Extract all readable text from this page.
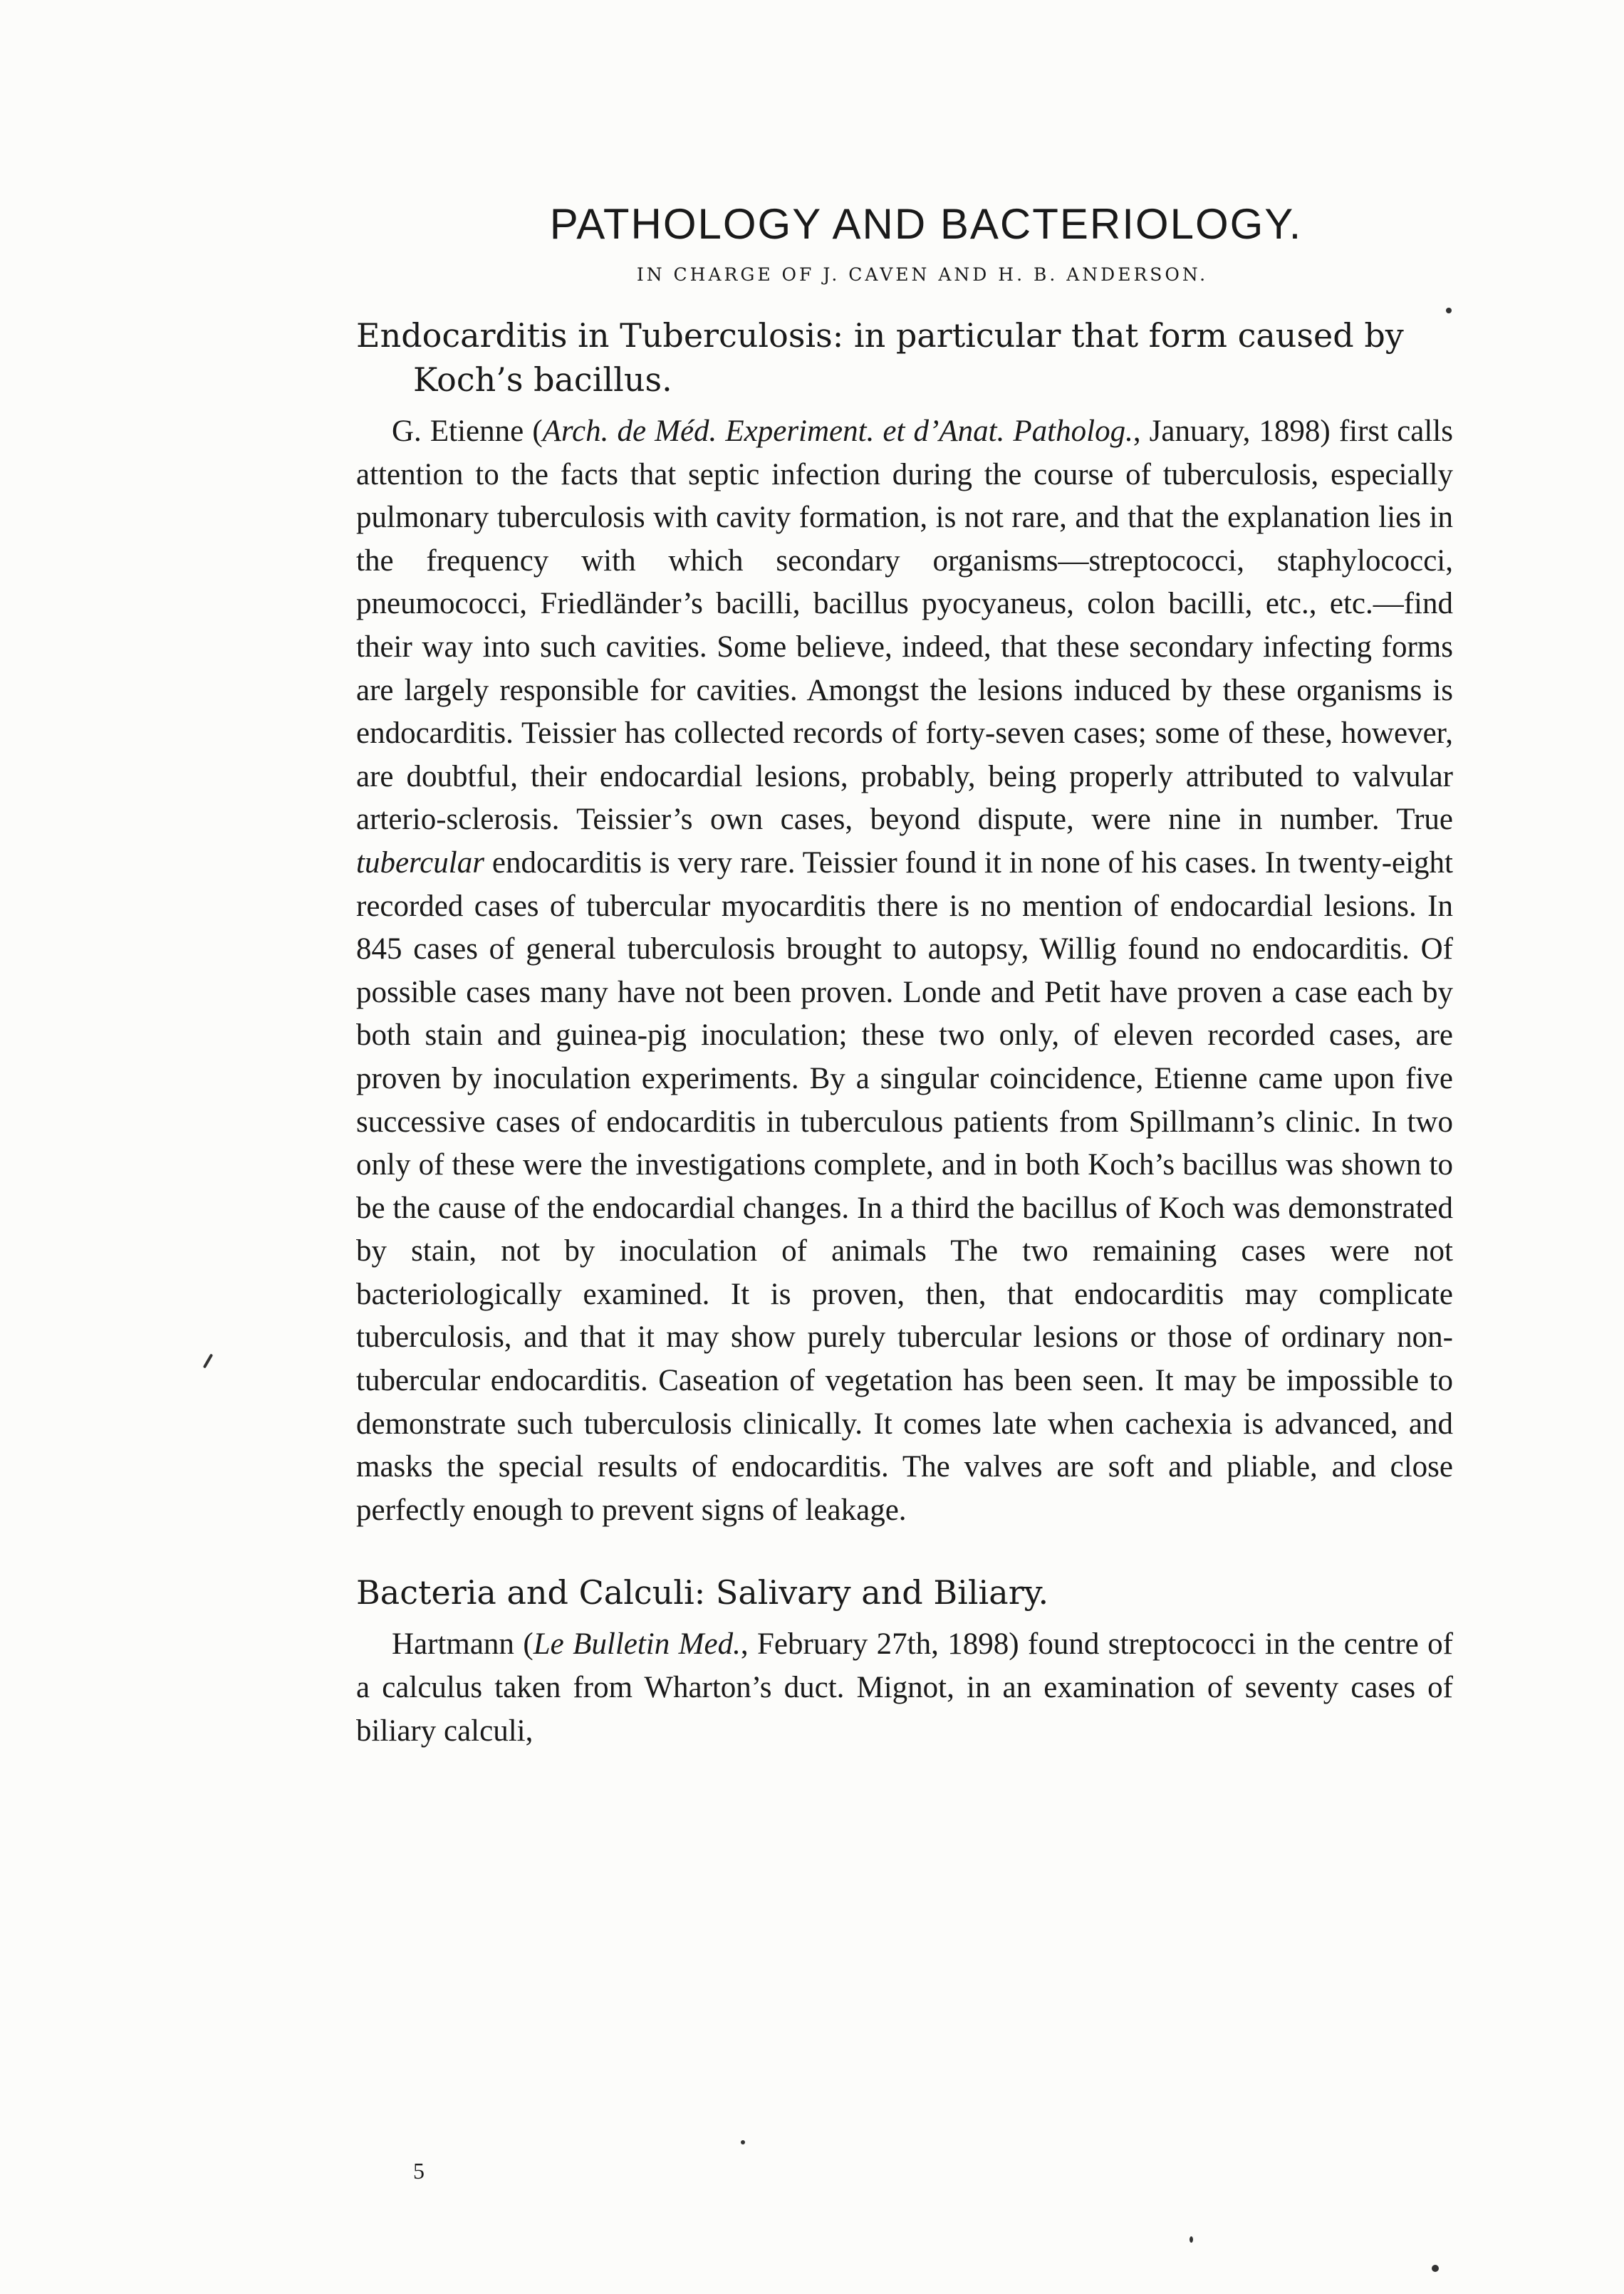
PATHOLOGY AND BACTERIOLOGY.
IN CHARGE OF J. CAVEN AND H. B. ANDERSON.
Endocarditis in Tuberculosis: in particular that form caused by Koch’s bacillus.

G. Etienne (Arch. de Méd. Experiment. et d’Anat. Patholog., January, 1898) first calls attention to the facts that septic infection during the course of tuberculosis, especially pulmonary tuberculosis with cavity formation, is not rare, and that the explanation lies in the frequency with which secondary organisms—streptococci, staphylococci, pneumococci, Friedländer’s bacilli, bacillus pyocyaneus, colon bacilli, etc., etc.—find their way into such cavities. Some believe, indeed, that these secondary infecting forms are largely responsible for cavities. Amongst the lesions induced by these organisms is endocarditis. Teissier has collected records of forty-seven cases; some of these, however, are doubtful, their endocardial lesions, probably, being properly attributed to valvular arterio-sclerosis. Teissier’s own cases, beyond dispute, were nine in number. True tubercular endocarditis is very rare. Teissier found it in none of his cases. In twenty-eight recorded cases of tubercular myocarditis there is no mention of endocardial lesions. In 845 cases of general tuberculosis brought to autopsy, Willig found no endocarditis. Of possible cases many have not been proven. Londe and Petit have proven a case each by both stain and guinea-pig inoculation; these two only, of eleven recorded cases, are proven by inoculation experiments. By a singular coincidence, Etienne came upon five successive cases of endocarditis in tuberculous patients from Spillmann’s clinic. In two only of these were the investigations complete, and in both Koch’s bacillus was shown to be the cause of the endocardial changes. In a third the bacillus of Koch was demonstrated by stain, not by inoculation of animals The two remaining cases were not bacteriologically examined. It is proven, then, that endocarditis may complicate tuberculosis, and that it may show purely tubercular lesions or those of ordinary non-tubercular endocarditis. Caseation of vegetation has been seen. It may be impossible to demonstrate such tuberculosis clinically. It comes late when cachexia is advanced, and masks the special results of endocarditis. The valves are soft and pliable, and close perfectly enough to prevent signs of leakage.

Bacteria and Calculi: Salivary and Biliary.

Hartmann (Le Bulletin Med., February 27th, 1898) found streptococci in the centre of a calculus taken from Wharton’s duct. Mignot, in an examination of seventy cases of biliary calculi,

5
